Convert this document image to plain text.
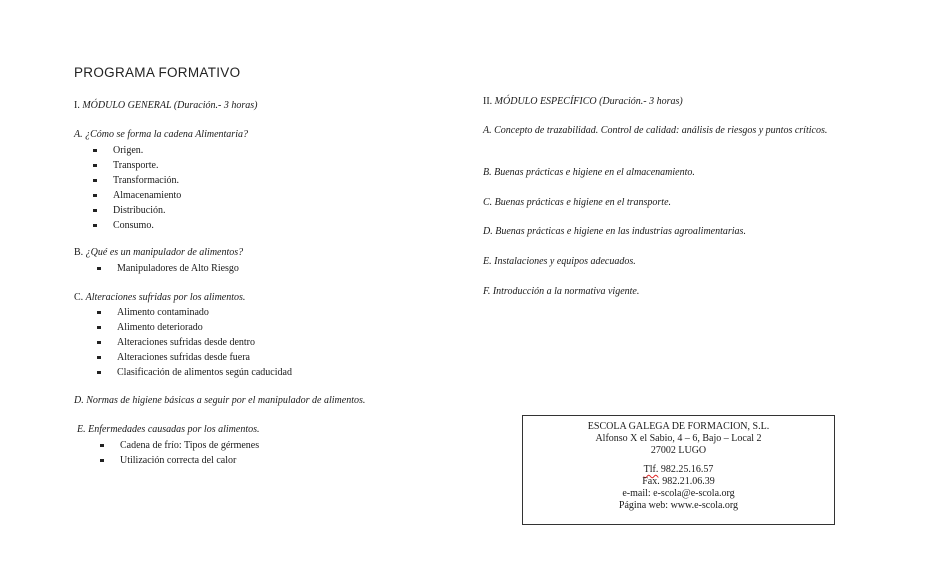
PROGRAMA FORMATIVO
I. MÓDULO GENERAL (Duración.- 3 horas)
A. ¿Cómo se forma la cadena Alimentaria?
Origen.
Transporte.
Transformación.
Almacenamiento
Distribución.
Consumo.
B. ¿Qué es un manipulador de alimentos?
Manipuladores de Alto Riesgo
C. Alteraciones sufridas por los alimentos.
Alimento contaminado
Alimento deteriorado
Alteraciones sufridas desde dentro
Alteraciones sufridas desde fuera
Clasificación de alimentos según caducidad
D. Normas de higiene básicas a seguir por el manipulador de alimentos.
E. Enfermedades causadas por los alimentos.
Cadena de frío: Tipos de gérmenes
Utilización correcta del calor
II. MÓDULO ESPECÍFICO (Duración.- 3 horas)
A. Concepto de trazabilidad. Control de calidad: análisis de riesgos y puntos críticos.
B. Buenas prácticas e higiene en el almacenamiento.
C. Buenas prácticas e higiene en el transporte.
D. Buenas prácticas e higiene en las industrias agroalimentarias.
E. Instalaciones y equipos adecuados.
F. Introducción a la normativa vigente.
ESCOLA GALEGA DE FORMACION, S.L.
Alfonso X el Sabio, 4 – 6, Bajo – Local 2
27002 LUGO
Tlf. 982.25.16.57
Fax. 982.21.06.39
e-mail: e-scola@e-scola.org
Página web: www.e-scola.org
